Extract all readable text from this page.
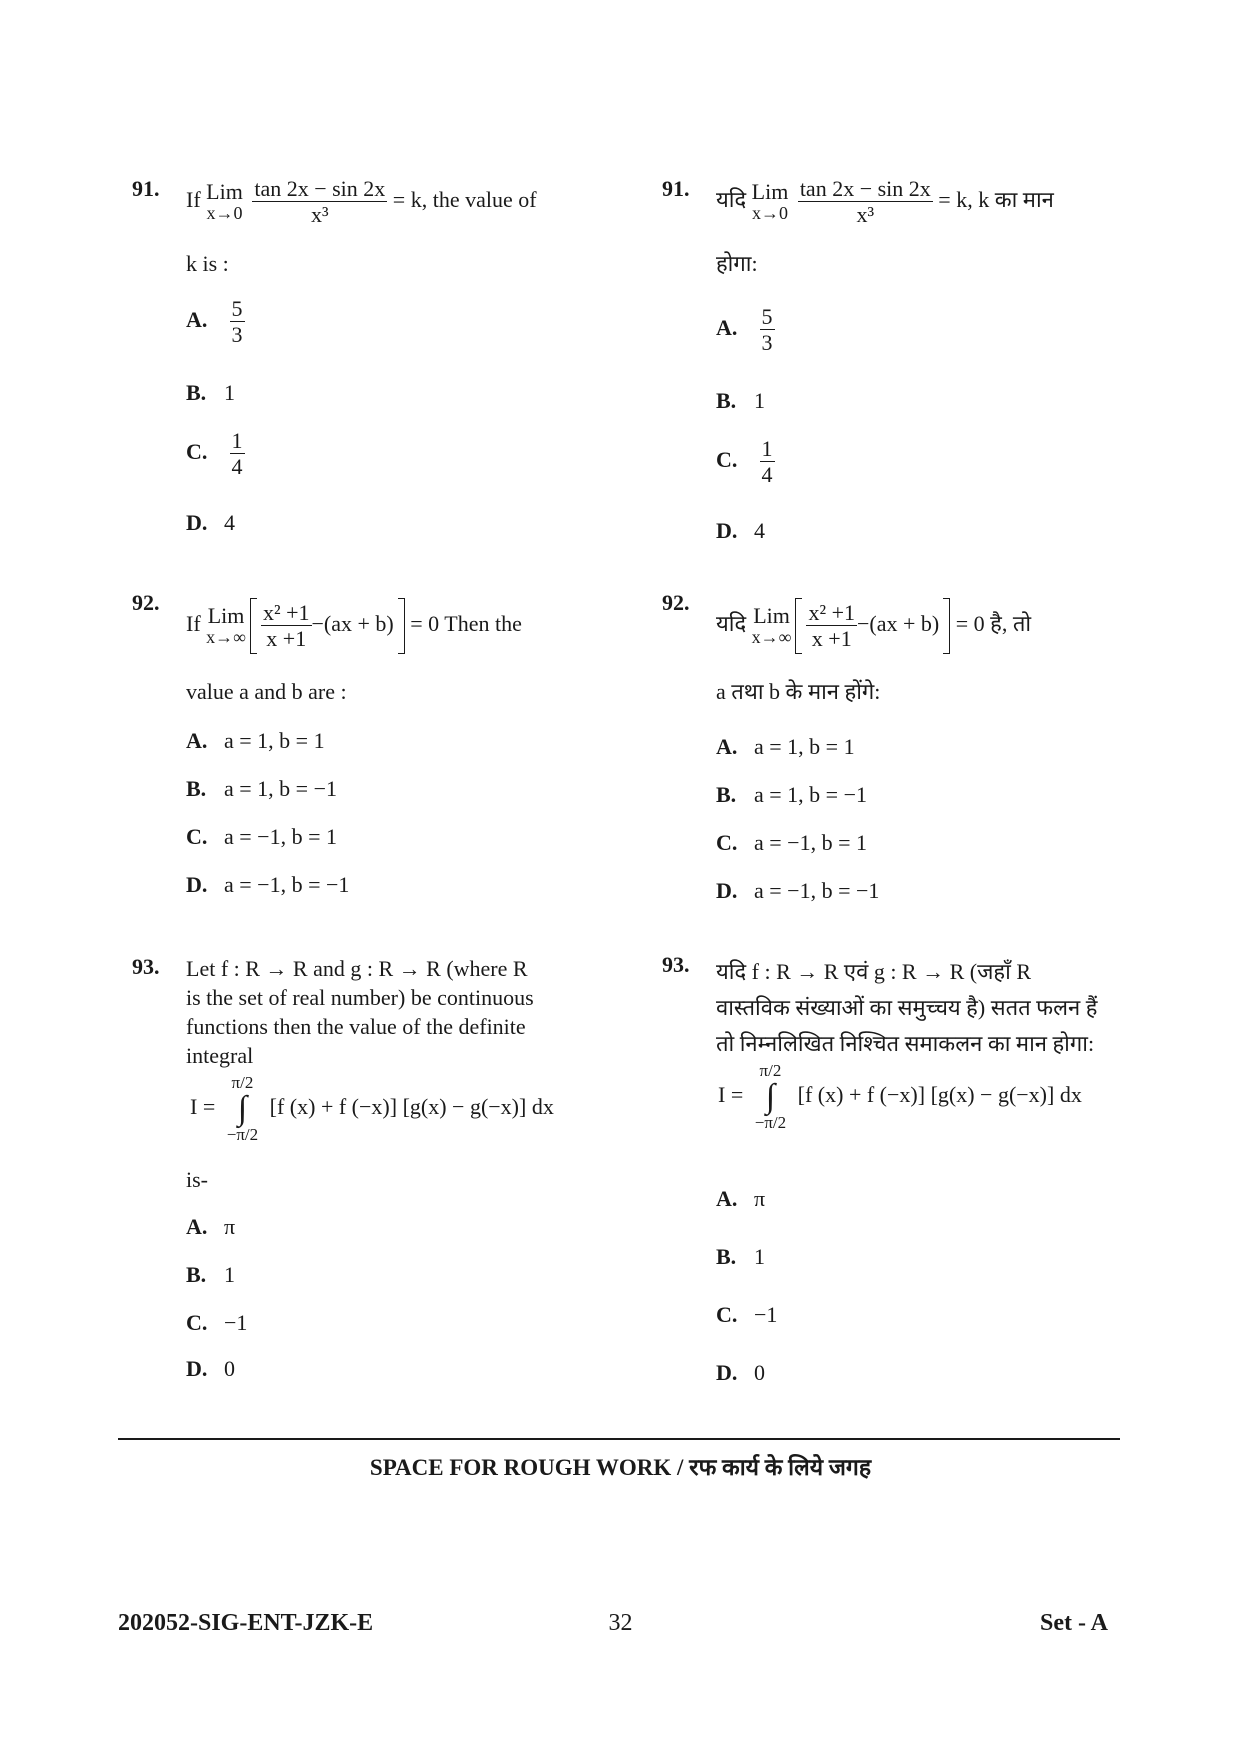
91. If Lim
x→0
$\frac{\tan 2x - \sin 2x}{\text{x³}} = k$, the value of
k is :
A. $\frac{5}{3}$
B. 1
C. $\frac{1}{4}$
D. 4
91. यदि Lim
x→0
$\frac{\tan 2x - \sin 2x}{\text{x³}} = k$, k का मान
होगा:
A. $\frac{5}{3}$
B. 1
C. $\frac{1}{4}$
D. 4
92.
If Lim
$x\to\infty \frac{\text{x² +1}}{x +1} -(ax + b) = 0$ Then the
value a and b are :
A. a = 1, b = 1
B. a = 1, b = −1
C. a = −1, b = 1
D. a = −1, b = −1
92.
यदि Lim
$x\to\infty \frac{\text{x² +1}}{x +1} -(ax + b) = 0$ है, तो
a तथा b के मान होंगे:
A. a = 1, b = 1
B. a = 1, b = −1
C. a = −1, b = 1
D. a = −1, b = −1
93. Let f : R → R and g : R → R (where R
is the set of real number) be continuous
functions then the value of the definite
integral
I =
π/2
∫
−π/2
[f (x) + f (−x)] [g(x) − g(−x)] dx
is-
A. π
B. 1
C. −1
D. 0
93. यदि f : R → R एवं g : R → R (जहाँ R
वास्तविक संख्याओं का समुच्चय है) सतत फलन हैं
तो निम्नलिखित निश्चित समाकलन का मान होगा:
I =
π/2
∫
−π/2
[f (x) + f (−x)] [g(x) − g(−x)] dx
A. π
B. 1
C. −1
D. 0
SPACE FOR ROUGH WORK / रफ कार्य के लिये जगह
202052-SIG-ENT-JZK-E	32	Set - A
